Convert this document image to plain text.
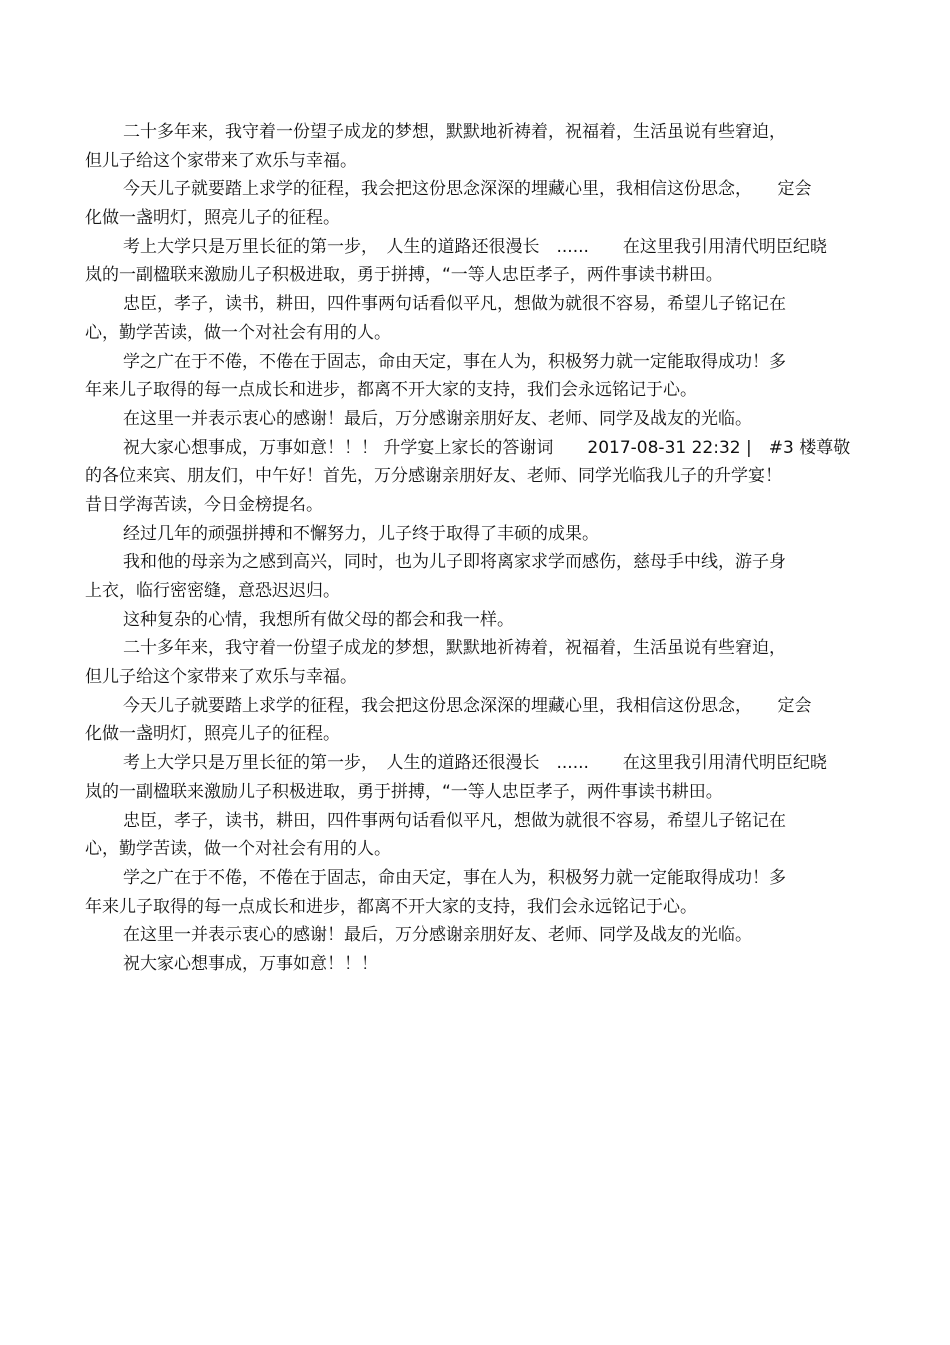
二十多年来，我守着一份望子成龙的梦想，默默地祈祷着，祝福着，生活虽说有些窘迫，
但儿子给这个家带来了欢乐与幸福。
今天儿子就要踏上求学的征程，我会把这份思念深深的埋藏心里，我相信这份思念，　　定会
化做一盏明灯，照亮儿子的征程。
考上大学只是万里长征的第一步，　人生的道路还很漫长　......　　在这里我引用清代明臣纪晓
岚的一副楹联来激励儿子积极进取，勇于拼搏，“一等人忠臣孝子，两件事读书耕田。
忠臣，孝子，读书，耕田，四件事两句话看似平凡，想做为就很不容易，希望儿子铭记在
心，勤学苦读，做一个对社会有用的人。
学之广在于不倦，不倦在于固志，命由天定，事在人为，积极努力就一定能取得成功！多
年来儿子取得的每一点成长和进步，都离不开大家的支持，我们会永远铭记于心。
在这里一并表示衷心的感谢！最后，万分感谢亲朋好友、老师、同学及战友的光临。
祝大家心想事成，万事如意！！！ 升学宴上家长的答谢词　　2017-08-31 22:32 |　#3 楼尊敬
的各位来宾、朋友们，中午好！首先，万分感谢亲朋好友、老师、同学光临我儿子的升学宴！
昔日学海苦读，今日金榜提名。
经过几年的顽强拼搏和不懈努力，儿子终于取得了丰硕的成果。
我和他的母亲为之感到高兴，同时，也为儿子即将离家求学而感伤，慈母手中线，游子身
上衣，临行密密缝，意恐迟迟归。
这种复杂的心情，我想所有做父母的都会和我一样。
二十多年来，我守着一份望子成龙的梦想，默默地祈祷着，祝福着，生活虽说有些窘迫，
但儿子给这个家带来了欢乐与幸福。
今天儿子就要踏上求学的征程，我会把这份思念深深的埋藏心里，我相信这份思念，　　定会
化做一盏明灯，照亮儿子的征程。
考上大学只是万里长征的第一步，　人生的道路还很漫长　......　　在这里我引用清代明臣纪晓
岚的一副楹联来激励儿子积极进取，勇于拼搏，“一等人忠臣孝子，两件事读书耕田。
忠臣，孝子，读书，耕田，四件事两句话看似平凡，想做为就很不容易，希望儿子铭记在
心，勤学苦读，做一个对社会有用的人。
学之广在于不倦，不倦在于固志，命由天定，事在人为，积极努力就一定能取得成功！多
年来儿子取得的每一点成长和进步，都离不开大家的支持，我们会永远铭记于心。
在这里一并表示衷心的感谢！最后，万分感谢亲朋好友、老师、同学及战友的光临。
祝大家心想事成，万事如意！！！
